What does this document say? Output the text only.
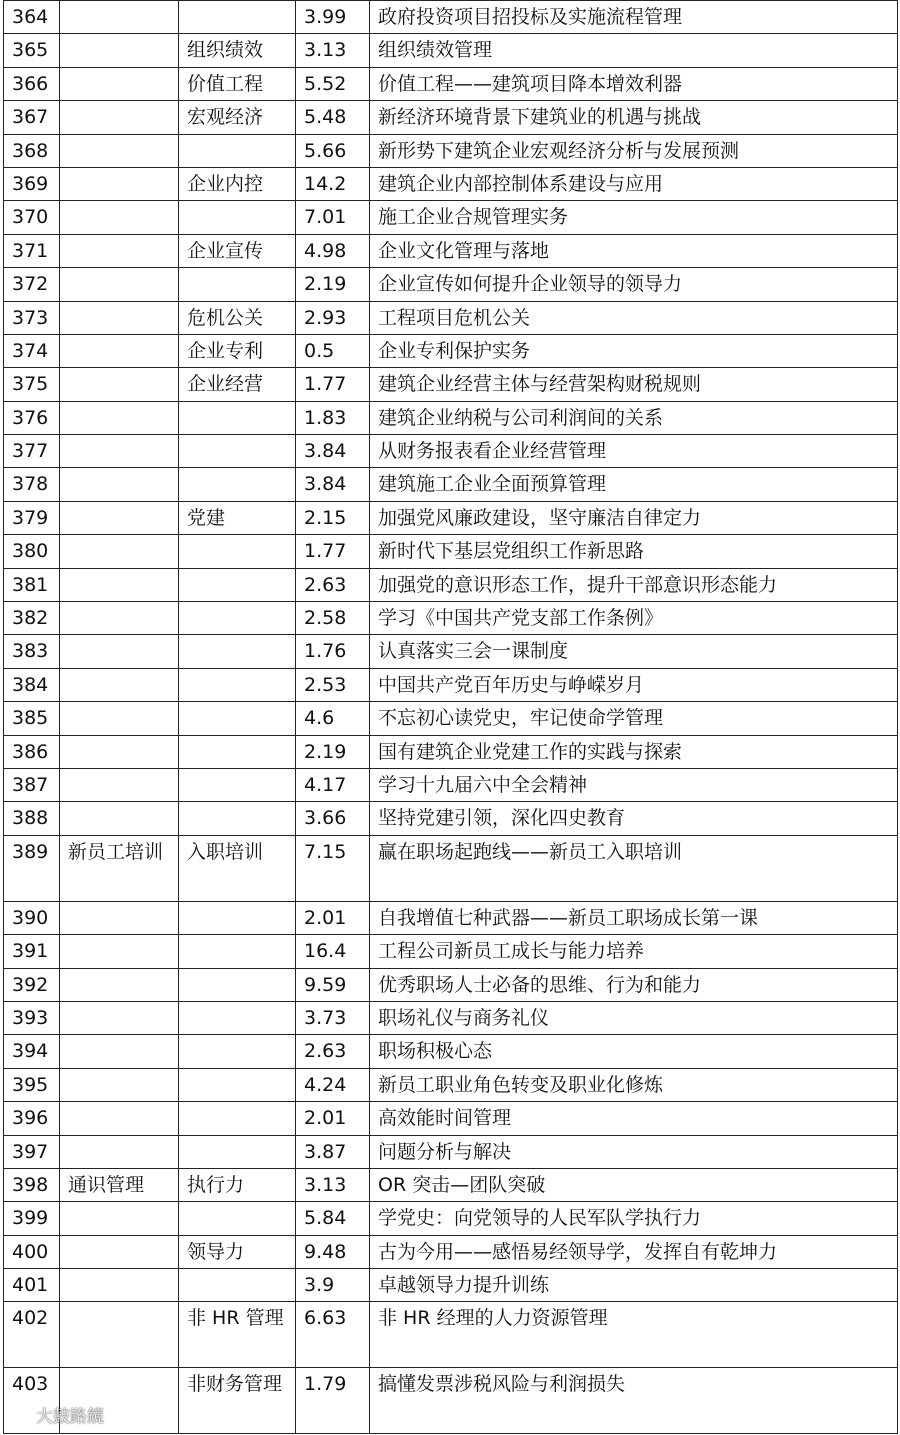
364			3.99	政府投资项目招投标及实施流程管理
365		组织绩效	3.13	组织绩效管理
366		价值工程	5.52	价值工程——建筑项目降本增效利器
367		宏观经济	5.48	新经济环境背景下建筑业的机遇与挑战
368			5.66	新形势下建筑企业宏观经济分析与发展预测
369		企业内控	14.2	建筑企业内部控制体系建设与应用
370			7.01	施工企业合规管理实务
371		企业宣传	4.98	企业文化管理与落地
372			2.19	企业宣传如何提升企业领导的领导力
373		危机公关	2.93	工程项目危机公关
374		企业专利	0.5	企业专利保护实务
375		企业经营	1.77	建筑企业经营主体与经营架构财税规则
376			1.83	建筑企业纳税与公司利润间的关系
377			3.84	从财务报表看企业经营管理
378			3.84	建筑施工企业全面预算管理
379		党建	2.15	加强党风廉政建设，坚守廉洁自律定力
380			1.77	新时代下基层党组织工作新思路
381			2.63	加强党的意识形态工作，提升干部意识形态能力
382			2.58	学习《中国共产党支部工作条例》
383			1.76	认真落实三会一课制度
384			2.53	中国共产党百年历史与峥嵘岁月
385			4.6	不忘初心读党史，牢记使命学管理
386			2.19	国有建筑企业党建工作的实践与探索
387			4.17	学习十九届六中全会精神
388			3.66	坚持党建引领，深化四史教育
389	新员工培训	入职培训	7.15	赢在职场起跑线——新员工入职培训
390			2.01	自我增值七种武器——新员工职场成长第一课
391			16.4	工程公司新员工成长与能力培养
392			9.59	优秀职场人士必备的思维、行为和能力
393			3.73	职场礼仪与商务礼仪
394			2.63	职场积极心态
395			4.24	新员工职业角色转变及职业化修炼
396			2.01	高效能时间管理
397			3.87	问题分析与解决
398	通识管理	执行力	3.13	OR 突击—团队突破
399			5.84	学党史：向党领导的人民军队学执行力
400		领导力	9.48	古为今用——感悟易经领导学，发挥自有乾坤力
401			3.9	卓越领导力提升训练
402		非 HR 管理	6.63	非 HR 经理的人力资源管理
403		非财务管理	1.79	搞懂发票涉税风险与利润损失
大鼓路鏡
